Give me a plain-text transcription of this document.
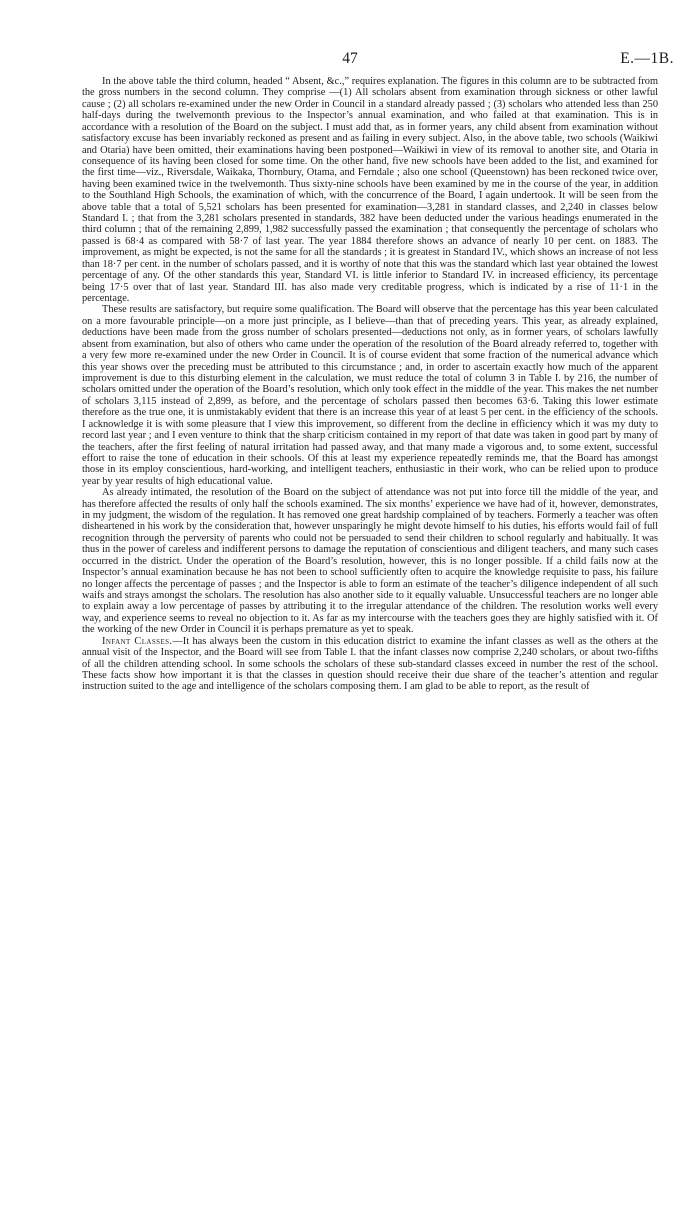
47	E.—1B.

In the above table the third column, headed “ Absent, &c.,” requires explanation. The figures in this column are to be subtracted from the gross numbers in the second column. They comprise —(1) All scholars absent from examination through sickness or other lawful cause ; (2) all scholars re-examined under the new Order in Council in a standard already passed ; (3) scholars who attended less than 250 half-days during the twelvemonth previous to the Inspector’s annual examination, and who failed at that examination. This is in accordance with a resolution of the Board on the subject. I must add that, as in former years, any child absent from examination without satisfactory excuse has been invariably reckoned as present and as failing in every subject. Also, in the above table, two schools (Waikiwi and Otaria) have been omitted, their examinations having been postponed—Waikiwi in view of its removal to another site, and Otaria in consequence of its having been closed for some time. On the other hand, five new schools have been added to the list, and examined for the first time—viz., Riversdale, Waikaka, Thornbury, Otama, and Ferndale ; also one school (Queenstown) has been reckoned twice over, having been examined twice in the twelvemonth. Thus sixty-nine schools have been examined by me in the course of the year, in addition to the Southland High Schools, the examination of which, with the concurrence of the Board, I again undertook. It will be seen from the above table that a total of 5,521 scholars has been presented for examination—3,281 in standard classes, and 2,240 in classes below Standard I. ; that from the 3,281 scholars presented in standards, 382 have been deducted under the various headings enumerated in the third column ; that of the remaining 2,899, 1,982 successfully passed the examination ; that consequently the percentage of scholars who passed is 68·4 as compared with 58·7 of last year. The year 1884 therefore shows an advance of nearly 10 per cent. on 1883. The improvement, as might be expected, is not the same for all the standards ; it is greatest in Standard IV., which shows an increase of not less than 18·7 per cent. in the number of scholars passed, and it is worthy of note that this was the standard which last year obtained the lowest percentage of any. Of the other standards this year, Standard VI. is little inferior to Standard IV. in increased efficiency, its percentage being 17·5 over that of last year. Standard III. has also made very creditable progress, which is indicated by a rise of 11·1 in the percentage.

These results are satisfactory, but require some qualification. The Board will observe that the percentage has this year been calculated on a more favourable principle—on a more just principle, as I believe—than that of preceding years. This year, as already explained, deductions have been made from the gross number of scholars presented—deductions not only, as in former years, of scholars lawfully absent from examination, but also of others who came under the operation of the resolution of the Board already referred to, together with a very few more re-examined under the new Order in Council. It is of course evident that some fraction of the numerical advance which this year shows over the preceding must be attributed to this circumstance ; and, in order to ascertain exactly how much of the apparent improvement is due to this disturbing element in the calculation, we must reduce the total of column 3 in Table I. by 216, the number of scholars omitted under the operation of the Board’s resolution, which only took effect in the middle of the year. This makes the net number of scholars 3,115 instead of 2,899, as before, and the percentage of scholars passed then becomes 63·6. Taking this lower estimate therefore as the true one, it is unmistakably evident that there is an increase this year of at least 5 per cent. in the efficiency of the schools. I acknowledge it is with some pleasure that I view this improvement, so different from the decline in efficiency which it was my duty to record last year ; and I even venture to think that the sharp criticism contained in my report of that date was taken in good part by many of the teachers, after the first feeling of natural irritation had passed away, and that many made a vigorous and, to some extent, successful effort to raise the tone of education in their schools. Of this at least my experience repeatedly reminds me, that the Board has amongst those in its employ conscientious, hard-working, and intelligent teachers, enthusiastic in their work, who can be relied upon to produce year by year results of high educational value.

As already intimated, the resolution of the Board on the subject of attendance was not put into force till the middle of the year, and has therefore affected the results of only half the schools examined. The six months’ experience we have had of it, however, demonstrates, in my judgment, the wisdom of the regulation. It has removed one great hardship complained of by teachers. Formerly a teacher was often disheartened in his work by the consideration that, however unsparingly he might devote himself to his duties, his efforts would fail of full recognition through the perversity of parents who could not be persuaded to send their children to school regularly and habitually. It was thus in the power of careless and indifferent persons to damage the reputation of conscientious and diligent teachers, and many such cases occurred in the district. Under the operation of the Board’s resolution, however, this is no longer possible. If a child fails now at the Inspector’s annual examination because he has not been to school sufficiently often to acquire the knowledge requisite to pass, his failure no longer affects the percentage of passes ; and the Inspector is able to form an estimate of the teacher’s diligence independent of all such waifs and strays amongst the scholars. The resolution has also another side to it equally valuable. Unsuccessful teachers are no longer able to explain away a low percentage of passes by attributing it to the irregular attendance of the children. The resolution works well every way, and experience seems to reveal no objection to it. As far as my intercourse with the teachers goes they are highly satisfied with it. Of the working of the new Order in Council it is perhaps premature as yet to speak.

Infant Classes.—It has always been the custom in this education district to examine the infant classes as well as the others at the annual visit of the Inspector, and the Board will see from Table I. that the infant classes now comprise 2,240 scholars, or about two-fifths of all the children attending school. In some schools the scholars of these sub-standard classes exceed in number the rest of the school. These facts show how important it is that the classes in question should receive their due share of the teacher’s attention and regular instruction suited to the age and intelligence of the scholars composing them. I am glad to be able to report, as the result of
